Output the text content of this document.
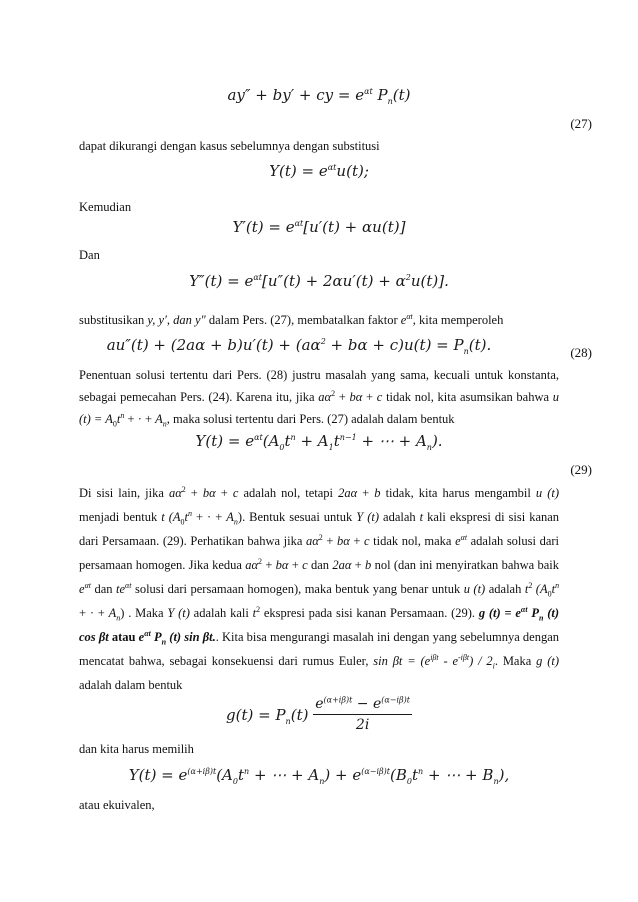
ay″ + by′ + cy = $e^{\alpha t}$ $P_n(t)$
(27)
dapat dikurangi dengan kasus sebelumnya dengan substitusi
$Y(t) = e^{\alpha t}u(t)$;
Kemudian
$Y'(t) = e^{\alpha t}[u'(t) + \alpha u(t)]$
Dan
$Y''(t) = e^{\alpha t}[u''(t) + 2\alpha u'(t) + \alpha^2u(t)]$.
substitusikan y, y′, dan y″ dalam Pers. (27), membatalkan faktor $e^{\alpha t}$, kita memperoleh
$au''(t) + (2a\alpha + b)u'(t) + (a\alpha^2 + b\alpha + c)u(t) = P_n(t)$.	(28)
Penentuan solusi tertentu dari Pers. (28) justru masalah yang sama, kecuali untuk konstanta, sebagai pemecahan Pers. (24). Karena itu, jika $a\alpha^2 + b\alpha + c$ tidak nol, kita asumsikan bahwa u $(t) = A_0t^n$ + · + $A_n$, maka solusi tertentu dari Pers. (27) adalah dalam bentuk
$Y(t) = e^{\alpha t}(A_0t^n + A_1t^{n-1}$ + ⋯ + $A_n$).
(29)
Di sisi lain, jika $a\alpha^2 + b\alpha + c$ adalah nol, tetapi 2aα + b tidak, kita harus mengambil u (t) menjadi bentuk t ($A_0t^n$ + · + $A_n$). Bentuk sesuai untuk Y (t) adalah t kali ekspresi di sisi kanan dari Persamaan. (29). Perhatikan bahwa jika $a\alpha^2 + b\alpha + c$ tidak nol, maka $e^{\alpha t}$ adalah solusi dari persamaan homogen. Jika kedua $a\alpha^2 + b\alpha + c$ dan 2aα + b nol (dan ini menyiratkan bahwa baik $e^{\alpha t}$ dan $te^{\alpha t}$ solusi dari persamaan homogen), maka bentuk yang benar untuk u (t) adalah $t^2$ ($A_0t^n$ + · + $A_n$) . Maka Y (t) adalah kali $t^2$ ekspresi pada sisi kanan Persamaan. (29). g $(t) = e^{\alpha t}$ $P_n$ (t) cos βt atau $e^{\alpha t}$ $P_n$ (t) sin βt.. Kita bisa mengurangi masalah ini dengan yang sebelumnya dengan mencatat bahwa, sebagai konsekuensi dari rumus Euler, $\sin \beta t = (e^{i\beta t} - e^{-i\beta t}) / 2_i$. Maka g (t) adalah dalam bentuk
$g(t) = P_n(t) \frac{e^{(\alpha+i\beta)t} - e^{(\alpha-i\beta)t}}{2i}$
dan kita harus memilih
$Y(t) = e^{(\alpha+i\beta)t}(A_0t^n$ + ⋯ + $A_n) + e^{(\alpha-i\beta)t}(B_0t^n$ + ⋯ + $B_n$),
atau ekuivalen,
